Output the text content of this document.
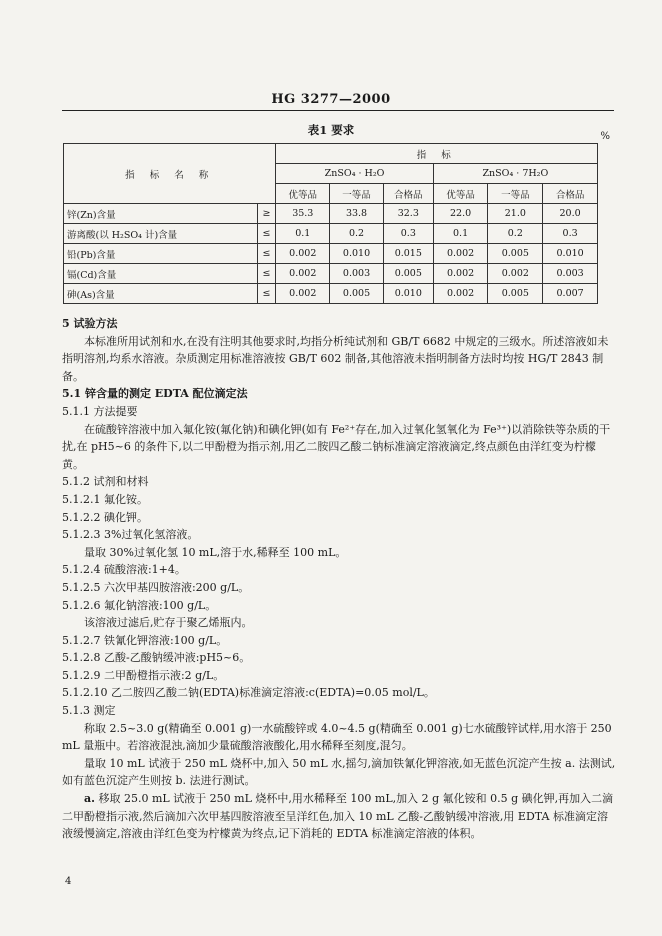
HG 3277—2000
表1 要求	%
指 标 名 称		指 标					
		ZnSO₄ · H₂O			ZnSO₄ · 7H₂O		
		优等品	一等品	合格品	优等品	一等品	合格品
锌(Zn)含量	≥	35.3	33.8	32.3	22.0	21.0	20.0
游离酸(以 H₂SO₄ 计)含量	≤	0.1	0.2	0.3	0.1	0.2	0.3
铅(Pb)含量	≤	0.002	0.010	0.015	0.002	0.005	0.010
镉(Cd)含量	≤	0.002	0.003	0.005	0.002	0.002	0.003
砷(As)含量	≤	0.002	0.005	0.010	0.002	0.005	0.007

5 试验方法

本标准所用试剂和水,在没有注明其他要求时,均指分析纯试剂和 GB/T 6682 中规定的三级水。所述溶液如未指明溶剂,均系水溶液。杂质测定用标准溶液按 GB/T 602 制备,其他溶液未指明制备方法时均按 HG/T 2843 制备。

5.1 锌含量的测定 EDTA 配位滴定法

5.1.1 方法提要

在硫酸锌溶液中加入氟化铵(氟化钠)和碘化钾(如有 Fe²⁺存在,加入过氧化氢氧化为 Fe³⁺)以消除铁等杂质的干扰,在 pH5~6 的条件下,以二甲酚橙为指示剂,用乙二胺四乙酸二钠标准滴定溶液滴定,终点颜色由洋红变为柠檬黄。

5.1.2 试剂和材料

5.1.2.1 氟化铵。

5.1.2.2 碘化钾。

5.1.2.3 3%过氧化氢溶液。

量取 30%过氧化氢 10 mL,溶于水,稀释至 100 mL。

5.1.2.4 硫酸溶液:1+4。

5.1.2.5 六次甲基四胺溶液:200 g/L。

5.1.2.6 氟化钠溶液:100 g/L。

该溶液过滤后,贮存于聚乙烯瓶内。

5.1.2.7 铁氰化钾溶液:100 g/L。

5.1.2.8 乙酸-乙酸钠缓冲液:pH5~6。

5.1.2.9 二甲酚橙指示液:2 g/L。

5.1.2.10 乙二胺四乙酸二钠(EDTA)标准滴定溶液:c(EDTA)=0.05 mol/L。

5.1.3 测定

称取 2.5~3.0 g(精确至 0.001 g)一水硫酸锌或 4.0~4.5 g(精确至 0.001 g)七水硫酸锌试样,用水溶于 250 mL 量瓶中。若溶液混浊,滴加少量硫酸溶液酸化,用水稀释至刻度,混匀。

量取 10 mL 试液于 250 mL 烧杯中,加入 50 mL 水,摇匀,滴加铁氰化钾溶液,如无蓝色沉淀产生按 a. 法测试,如有蓝色沉淀产生则按 b. 法进行测试。

a. 移取 25.0 mL 试液于 250 mL 烧杯中,用水稀释至 100 mL,加入 2 g 氟化铵和 0.5 g 碘化钾,再加入二滴二甲酚橙指示液,然后滴加六次甲基四胺溶液至呈洋红色,加入 10 mL 乙酸-乙酸钠缓冲溶液,用 EDTA 标准滴定溶液缓慢滴定,溶液由洋红色变为柠檬黄为终点,记下消耗的 EDTA 标准滴定溶液的体积。

4
